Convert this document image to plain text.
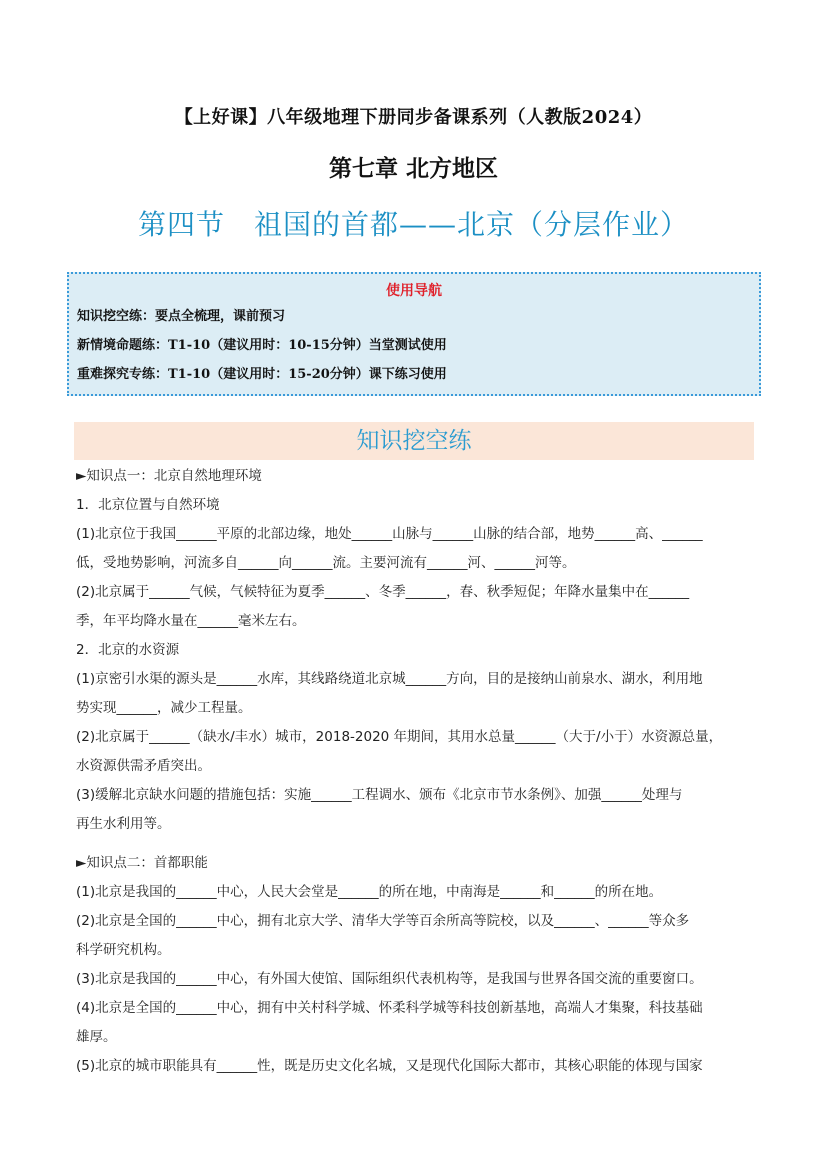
【上好课】八年级地理下册同步备课系列（人教版2024）
第七章 北方地区
第四节　祖国的首都——北京（分层作业）
使用导航
知识挖空练：要点全梳理，课前预习
新情境命题练：T1-10（建议用时：10-15分钟）当堂测试使用
重难探究专练：T1-10（建议用时：15-20分钟）课下练习使用
知识挖空练
►知识点一：北京自然地理环境
1．北京位置与自然环境
(1)北京位于我国______平原的北部边缘，地处______山脉与______山脉的结合部，地势______高、______
低，受地势影响，河流多自______向______流。主要河流有______河、______河等。
(2)北京属于______气候，气候特征为夏季______、冬季______，春、秋季短促；年降水量集中在______
季，年平均降水量在______毫米左右。
2．北京的水资源
(1)京密引水渠的源头是______水库，其线路绕道北京城______方向，目的是接纳山前泉水、湖水，利用地
势实现______，减少工程量。
(2)北京属于______（缺水/丰水）城市，2018-2020 年期间，其用水总量______（大于/小于）水资源总量，
水资源供需矛盾突出。
(3)缓解北京缺水问题的措施包括：实施______工程调水、颁布《北京市节水条例》、加强______处理与
再生水利用等。
►知识点二：首都职能
(1)北京是我国的______中心，人民大会堂是______的所在地，中南海是______和______的所在地。
(2)北京是全国的______中心，拥有北京大学、清华大学等百余所高等院校，以及______、______等众多
科学研究机构。
(3)北京是我国的______中心，有外国大使馆、国际组织代表机构等，是我国与世界各国交流的重要窗口。
(4)北京是全国的______中心，拥有中关村科学城、怀柔科学城等科技创新基地，高端人才集聚，科技基础
雄厚。
(5)北京的城市职能具有______性，既是历史文化名城，又是现代化国际大都市，其核心职能的体现与国家
